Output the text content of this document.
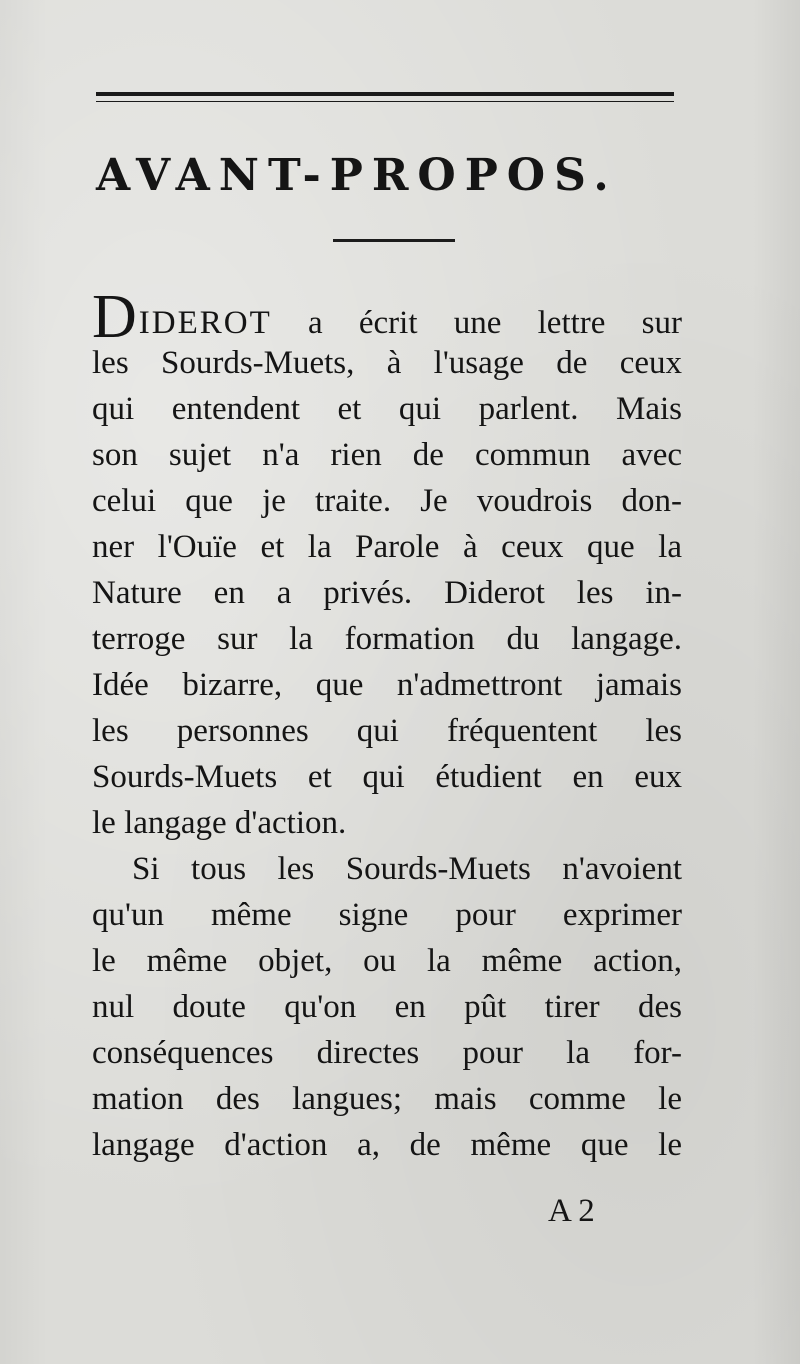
AVANT-PROPOS.
DIDEROT a écrit une lettre sur
les Sourds-Muets, à l'usage de ceux
qui entendent et qui parlent. Mais
son sujet n'a rien de commun avec
celui que je traite. Je voudrois don-
ner l'Ouïe et la Parole à ceux que la
Nature en a privés. Diderot les in-
terroge sur la formation du langage.
Idée bizarre, que n'admettront jamais
les personnes qui fréquentent les
Sourds-Muets et qui étudient en eux
le langage d'action.
Si tous les Sourds-Muets n'avoient
qu'un même signe pour exprimer
le même objet, ou la même action,
nul doute qu'on en pût tirer des
conséquences directes pour la for-
mation des langues; mais comme le
langage d'action a, de même que le
A 2
